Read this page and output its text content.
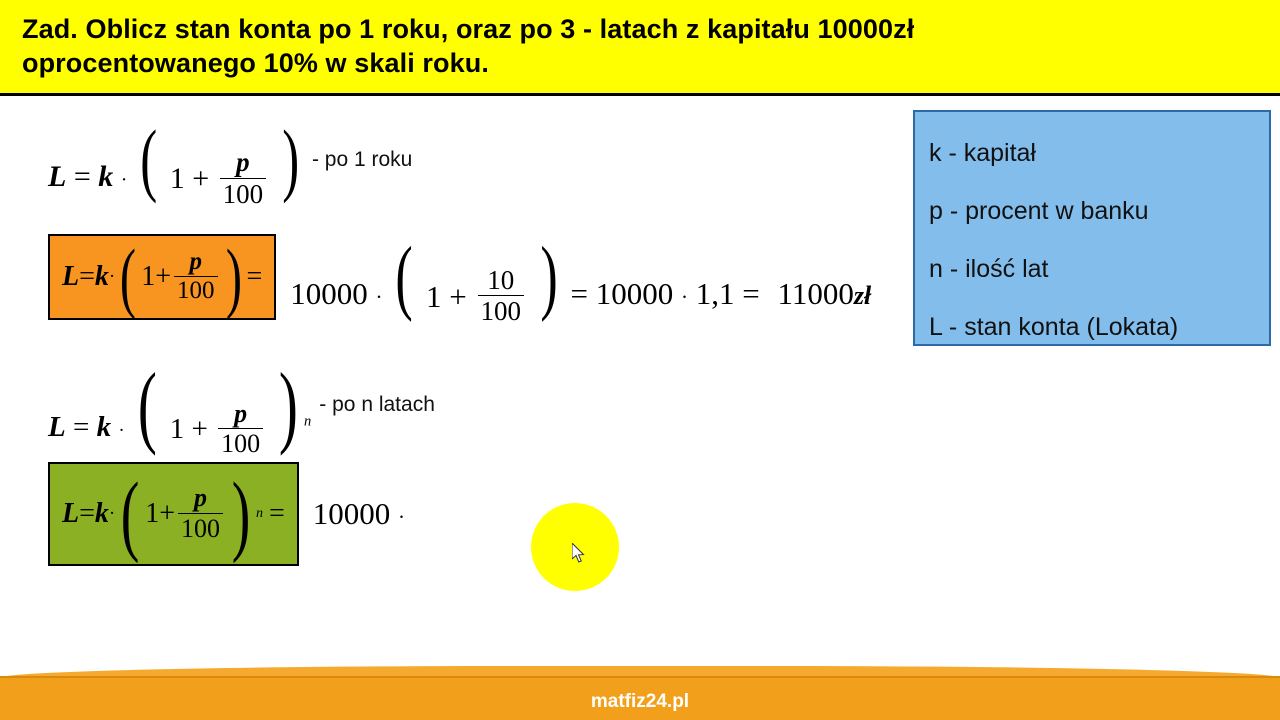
Zad. Oblicz stan konta po 1 roku, oraz po 3 - latach z kapitału 10000zł
oprocentowanego 10% w skali roku.
L = k · ( $1 + \frac{p}{100}$ ) - po 1 roku
L = k · ( $1 + \frac{p}{100}$ ) = 10000 · ( $1 + \frac{10}{100}$ ) = 10000 · 1,1 = 11000zł
L = k · ( $1 + \frac{p}{100}$ ) $^n$
- po n latach
L = k · ( $1 + \frac{p}{100}$ ) n = 10000 ·
k - kapitał
p - procent w banku
n - ilość lat
L - stan konta (Lokata)
matfiz24.pl
